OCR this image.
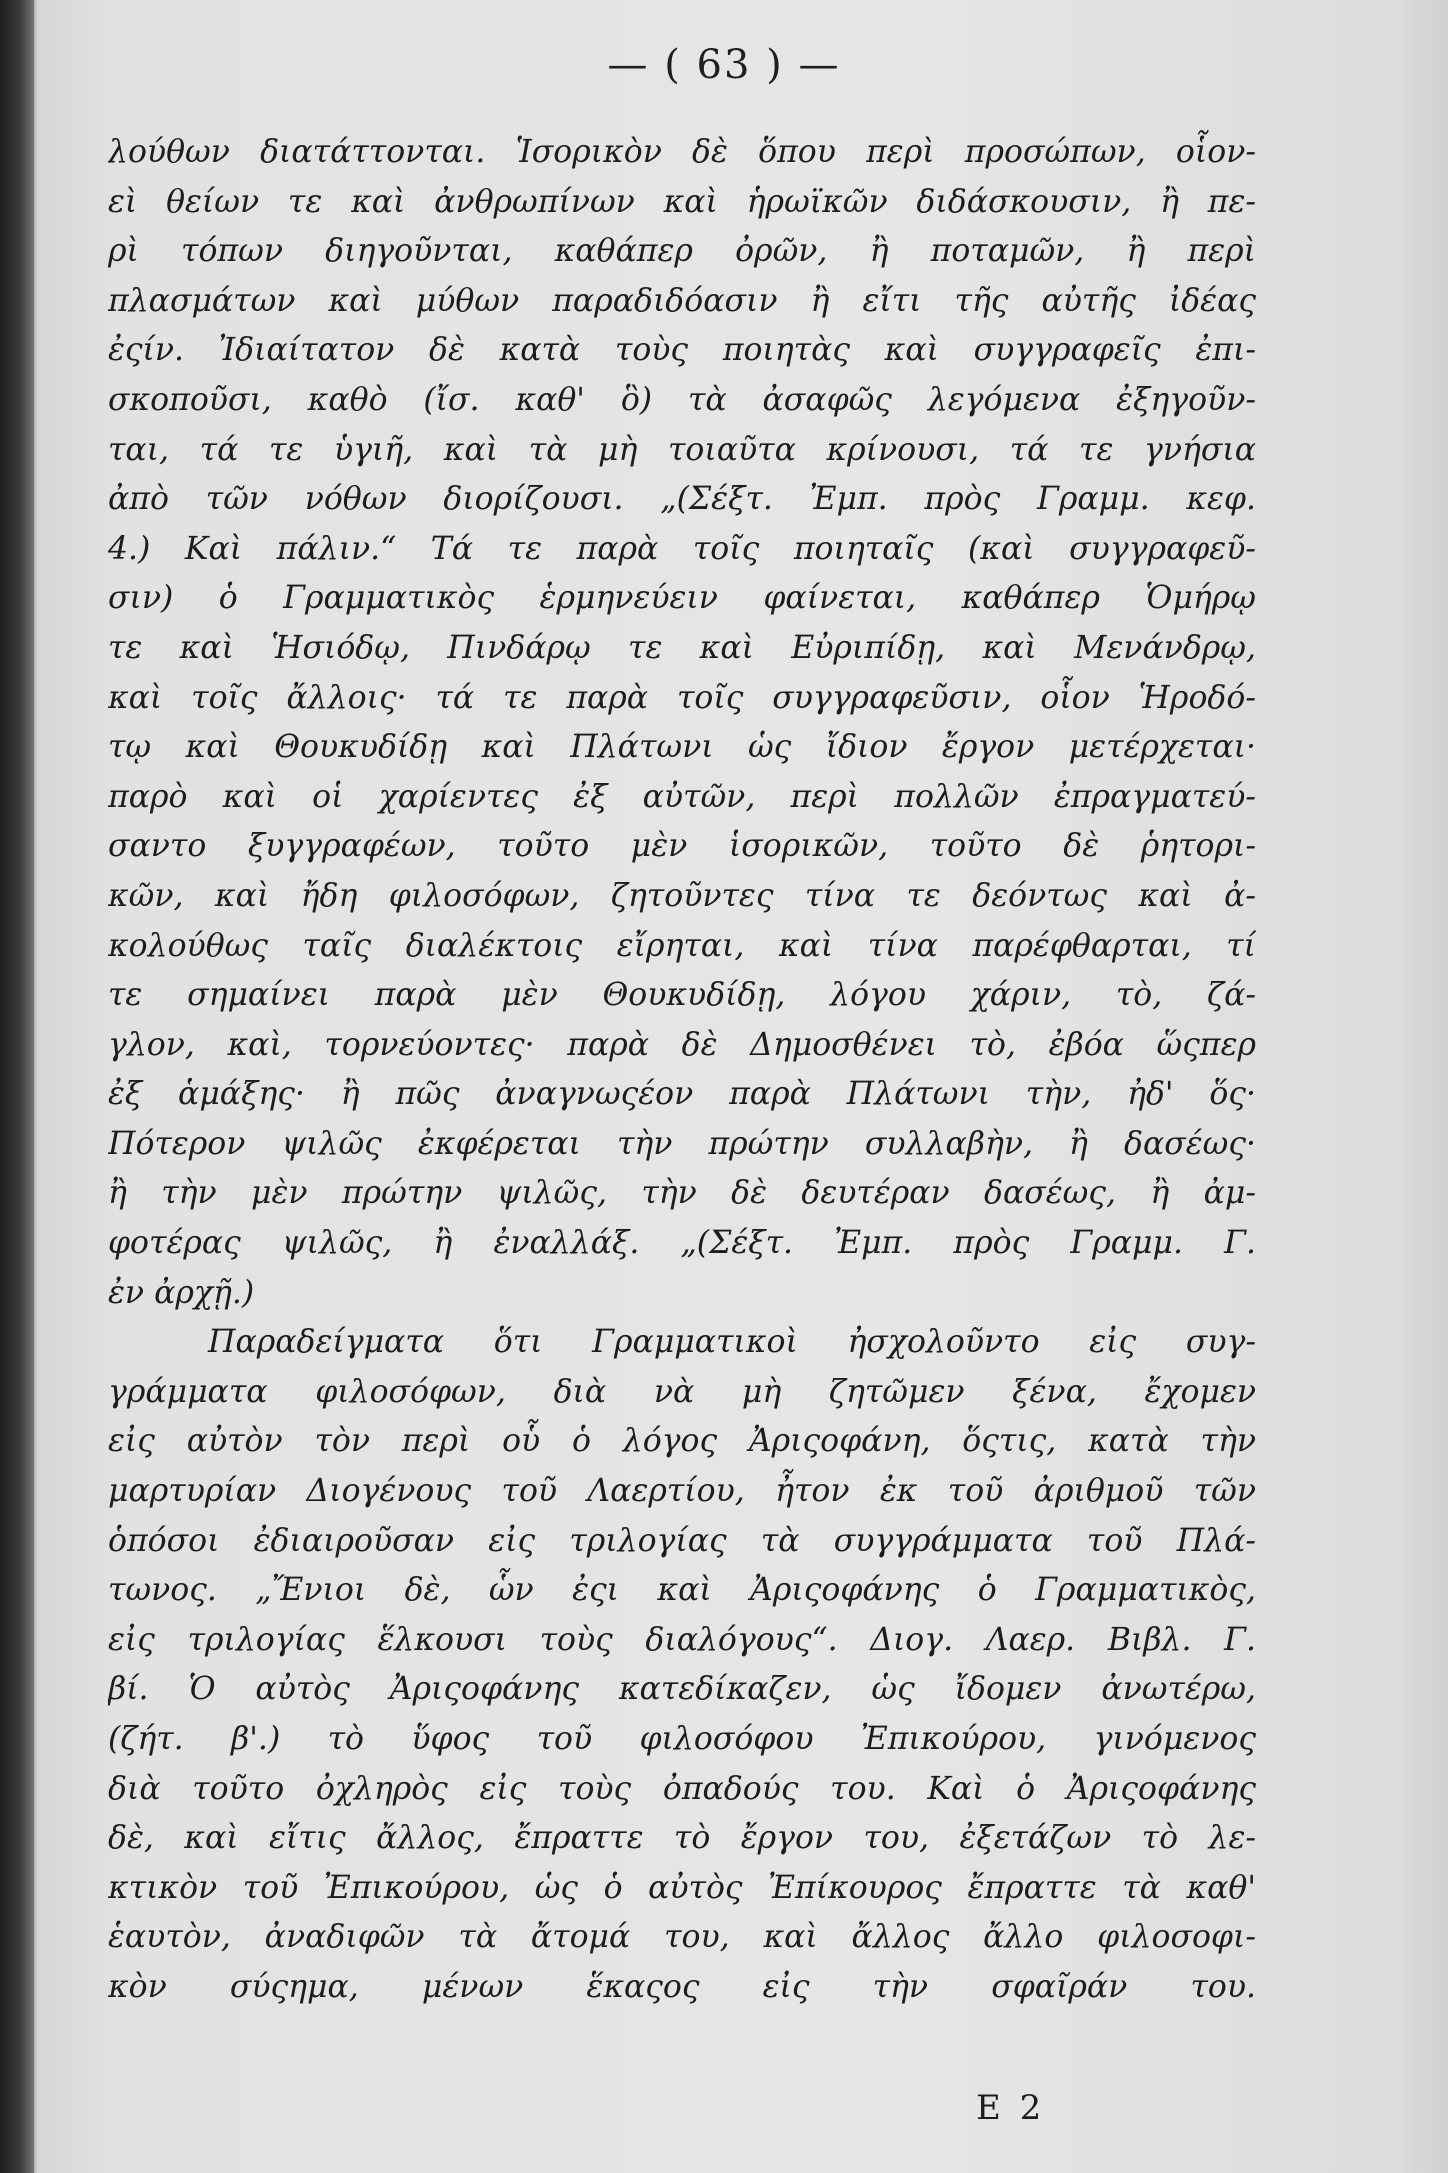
— ( 63 ) —
λούθων διατάττονται. Ἱσορικὸν δὲ ὅπου περὶ προσώπων, οἷον-
εὶ θείων τε καὶ ἀνθρωπίνων καὶ ἡρωϊκῶν διδάσκουσιν, ἢ πε-
ρὶ τόπων διηγοῦνται, καθάπερ ὀρῶν, ἢ ποταμῶν, ἢ περὶ
πλασμάτων καὶ μύθων παραδιδόασιν ἢ εἴτι τῆς αὐτῆς ἰδέας
ἐςίν. Ἰδιαίτατον δὲ κατὰ τοὺς ποιητὰς καὶ συγγραφεῖς ἐπι-
σκοποῦσι, καθὸ (ἴσ. καθ' ὃ) τὰ ἀσαφῶς λεγόμενα ἐξηγοῦν-
ται, τά τε ὑγιῆ, καὶ τὰ μὴ τοιαῦτα κρίνουσι, τά τε γνήσια
ἀπὸ τῶν νόθων διορίζουσι. „(Σέξτ. Ἐμπ. πρὸς Γραμμ. κεφ.
4.) Καὶ πάλιν.“ Τά τε παρὰ τοῖς ποιηταῖς (καὶ συγγραφεῦ-
σιν) ὁ Γραμματικὸς ἑρμηνεύειν φαίνεται, καθάπερ Ὁμήρῳ
τε καὶ Ἡσιόδῳ, Πινδάρῳ τε καὶ Εὐριπίδῃ, καὶ Μενάνδρῳ,
καὶ τοῖς ἄλλοις· τά τε παρὰ τοῖς συγγραφεῦσιν, οἷον Ἡροδό-
τῳ καὶ Θουκυδίδῃ καὶ Πλάτωνι ὡς ἴδιον ἔργον μετέρχεται·
παρὸ καὶ οἱ χαρίεντες ἐξ αὐτῶν, περὶ πολλῶν ἐπραγματεύ-
σαντο ξυγγραφέων, τοῦτο μὲν ἱσορικῶν, τοῦτο δὲ ῥητορι-
κῶν, καὶ ἤδη φιλοσόφων, ζητοῦντες τίνα τε δεόντως καὶ ἀ-
κολούθως ταῖς διαλέκτοις εἴρηται, καὶ τίνα παρέφθαρται, τί
τε σημαίνει παρὰ μὲν Θουκυδίδῃ, λόγου χάριν, τὸ, ζά-
γλον, καὶ, τορνεύοντες· παρὰ δὲ Δημοσθένει τὸ, ἐβόα ὥςπερ
ἐξ ἁμάξης· ἢ πῶς ἀναγνωςέον παρὰ Πλάτωνι τὴν, ἠδ' ὅς·
Πότερον ψιλῶς ἐκφέρεται τὴν πρώτην συλλαβὴν, ἢ δασέως·
ἢ τὴν μὲν πρώτην ψιλῶς, τὴν δὲ δευτέραν δασέως, ἢ ἀμ-
φοτέρας ψιλῶς, ἢ ἐναλλάξ. „(Σέξτ. Ἐμπ. πρὸς Γραμμ. Γ.
ἐν ἀρχῇ.)
Παραδείγματα ὅτι Γραμματικοὶ ἠσχολοῦντο εἰς συγ-
γράμματα φιλοσόφων, διὰ νὰ μὴ ζητῶμεν ξένα, ἔχομεν
εἰς αὐτὸν τὸν περὶ οὗ ὁ λόγος Ἀριςοφάνη, ὅςτις, κατὰ τὴν
μαρτυρίαν Διογένους τοῦ Λαερτίου, ἦτον ἐκ τοῦ ἀριθμοῦ τῶν
ὁπόσοι ἐδιαιροῦσαν εἰς τριλογίας τὰ συγγράμματα τοῦ Πλά-
τωνος. „Ἔνιοι δὲ, ὧν ἐςι καὶ Ἀριςοφάνης ὁ Γραμματικὸς,
εἰς τριλογίας ἕλκουσι τοὺς διαλόγους“. Διογ. Λαερ. Βιβλ. Γ.
βί. Ὁ αὐτὸς Ἀριςοφάνης κατεδίκαζεν, ὡς ἴδομεν ἀνωτέρω,
(ζήτ. β'.) τὸ ὕφος τοῦ φιλοσόφου Ἐπικούρου, γινόμενος
διὰ τοῦτο ὀχληρὸς εἰς τοὺς ὀπαδούς του. Καὶ ὁ Ἀριςοφάνης
δὲ, καὶ εἴτις ἄλλος, ἔπραττε τὸ ἔργον του, ἐξετάζων τὸ λε-
κτικὸν τοῦ Ἐπικούρου, ὡς ὁ αὐτὸς Ἐπίκουρος ἔπραττε τὰ καθ'
ἑαυτὸν, ἀναδιφῶν τὰ ἄτομά του, καὶ ἄλλος ἄλλο φιλοσοφι-
κὸν σύςημα, μένων ἕκαςος εἰς τὴν σφαῖράν του.
Ε 2
